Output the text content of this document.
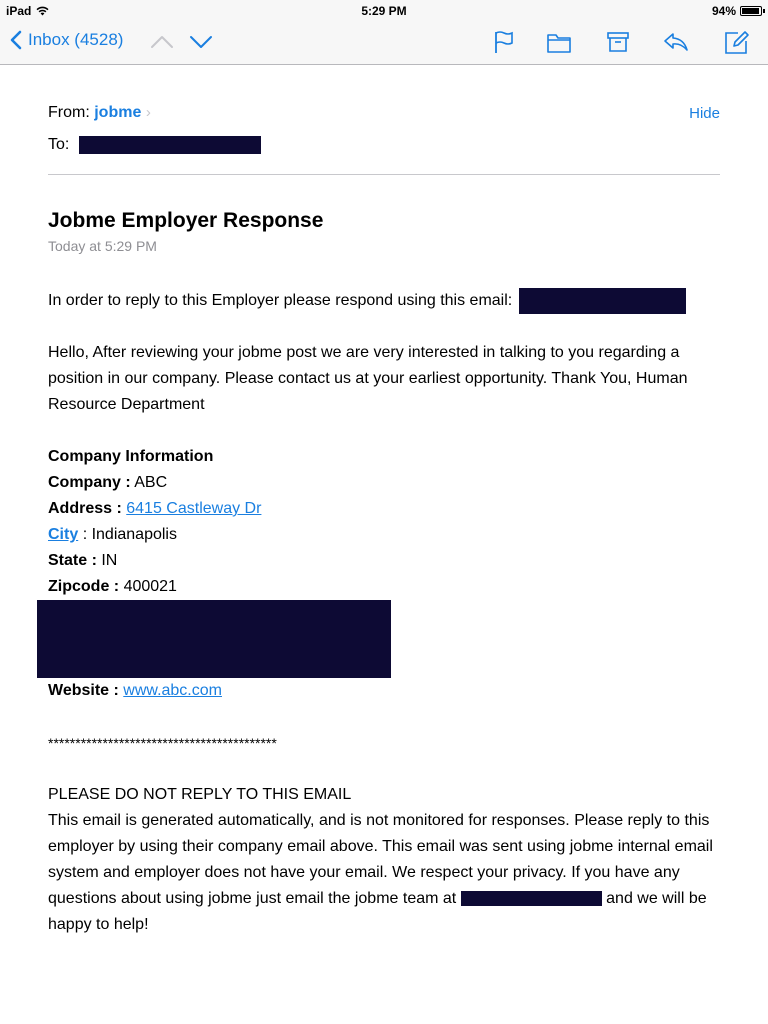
iPad	5:29 PM	94%
Inbox (4528)
From: jobme ›
To:
Hide
Jobme Employer Response
Today at 5:29 PM
In order to reply to this Employer please respond using this email:
Hello, After reviewing your jobme post we are very interested in talking to you regarding a position in our company. Please contact us at your earliest opportunity. Thank You, Human Resource Department
Company Information
Company : ABC
Address : 6415 Castleway Dr
City : Indianapolis
State : IN
Zipcode : 400021
Website : www.abc.com
******************************************
PLEASE DO NOT REPLY TO THIS EMAIL
This email is generated automatically, and is not monitored for responses. Please reply to this employer by using their company email above. This email was sent using jobme internal email system and employer does not have your email. We respect your privacy. If you have any questions about using jobme just email the jobme team at	and we will be happy to help!
